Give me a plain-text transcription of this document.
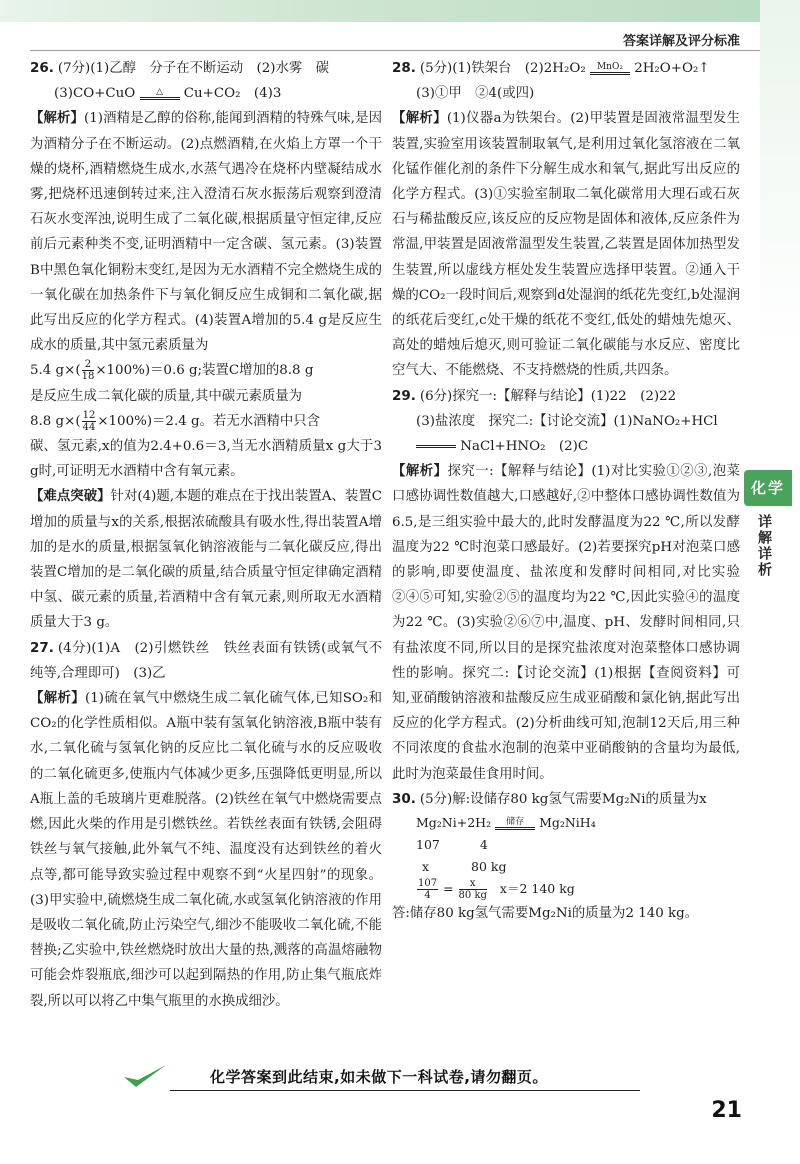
答案详解及评分标准

26. (7分)(1)乙醇　分子在不断运动　(2)水雾　碳

(3)CO+CuO	△	Cu+CO₂　(4)3

【解析】(1)酒精是乙醇的俗称,能闻到酒精的特殊气味,是因为酒精分子在不断运动。(2)点燃酒精,在火焰上方罩一个干燥的烧杯,酒精燃烧生成水,水蒸气遇冷在烧杯内壁凝结成水雾,把烧杯迅速倒转过来,注入澄清石灰水振荡后观察到澄清石灰水变浑浊,说明生成了二氧化碳,根据质量守恒定律,反应前后元素种类不变,证明酒精中一定含碳、氢元素。(3)装置B中黑色氧化铜粉末变红,是因为无水酒精不完全燃烧生成的一氧化碳在加热条件下与氧化铜反应生成铜和二氧化碳,据此写出反应的化学方程式。(4)装置A增加的5.4 g是反应生成水的质量,其中氢元素质量为

5.4 $g\times( \frac{2}{18} \times 100\%)=0.6$ g;装置C增加的8.8 g

是反应生成二氧化碳的质量,其中碳元素质量为

8.8 $g\times( \frac{12}{44} \times 100\%)=2.4$ g。若无水酒精中只含

碳、氢元素,x的值为2.4+0.6＝3,当无水酒精质量x g大于3 g时,可证明无水酒精中含有氧元素。

【难点突破】针对(4)题,本题的难点在于找出装置A、装置C增加的质量与x的关系,根据浓硫酸具有吸水性,得出装置A增加的是水的质量,根据氢氧化钠溶液能与二氧化碳反应,得出装置C增加的是二氧化碳的质量,结合质量守恒定律确定酒精中氢、碳元素的质量,若酒精中含有氧元素,则所取无水酒精质量大于3 g。

27. (4分)(1)A　(2)引燃铁丝　铁丝表面有铁锈(或氧气不纯等,合理即可)　(3)乙

【解析】(1)硫在氧气中燃烧生成二氧化硫气体,已知SO₂和CO₂的化学性质相似。A瓶中装有氢氧化钠溶液,B瓶中装有水,二氧化硫与氢氧化钠的反应比二氧化硫与水的反应吸收的二氧化硫更多,使瓶内气体减少更多,压强降低更明显,所以A瓶上盖的毛玻璃片更难脱落。(2)铁丝在氧气中燃烧需要点燃,因此火柴的作用是引燃铁丝。若铁丝表面有铁锈,会阻碍铁丝与氧气接触,此外氧气不纯、温度没有达到铁丝的着火点等,都可能导致实验过程中观察不到“火星四射”的现象。(3)甲实验中,硫燃烧生成二氧化硫,水或氢氧化钠溶液的作用是吸收二氧化硫,防止污染空气,细沙不能吸收二氧化硫,不能替换;乙实验中,铁丝燃烧时放出大量的热,溅落的高温熔融物可能会炸裂瓶底,细沙可以起到隔热的作用,防止集气瓶底炸裂,所以可以将乙中集气瓶里的水换成细沙。

28. (5分)(1)铁架台　(2)2H₂O₂	MnO₂ 2H₂O+O₂↑

(3)①甲　②4(或四)

【解析】(1)仪器a为铁架台。(2)甲装置是固液常温型发生装置,实验室用该装置制取氧气,是利用过氧化氢溶液在二氧化锰作催化剂的条件下分解生成水和氧气,据此写出反应的化学方程式。(3)①实验室制取二氧化碳常用大理石或石灰石与稀盐酸反应,该反应的反应物是固体和液体,反应条件为常温,甲装置是固液常温型发生装置,乙装置是固体加热型发生装置,所以虚线方框处发生装置应选择甲装置。②通入干燥的CO₂一段时间后,观察到d处湿润的纸花先变红,b处湿润的纸花后变红,c处干燥的纸花不变红,低处的蜡烛先熄灭、高处的蜡烛后熄灭,则可验证二氧化碳能与水反应、密度比空气大、不能燃烧、不支持燃烧的性质,共四条。

29. (6分)探究一:【解释与结论】(1)22　(2)22

(3)盐浓度　探究二:【讨论交流】(1)NaNO₂+HCl

NaCl+HNO₂　(2)C

【解析】探究一:【解释与结论】(1)对比实验①②③,泡菜口感协调性数值越大,口感越好,②中整体口感协调性数值为6.5,是三组实验中最大的,此时发酵温度为22 ℃,所以发酵温度为22 ℃时泡菜口感最好。(2)若要探究pH对泡菜口感的影响,即要使温度、盐浓度和发酵时间相同,对比实验②④⑤可知,实验②⑤的温度均为22 ℃,因此实验④的温度为22 ℃。(3)实验②⑥⑦中,温度、pH、发酵时间相同,只有盐浓度不同,所以目的是探究盐浓度对泡菜整体口感协调性的影响。探究二:【讨论交流】(1)根据【查阅资料】可知,亚硝酸钠溶液和盐酸反应生成亚硝酸和氯化钠,据此写出反应的化学方程式。(2)分析曲线可知,泡制12天后,用三种不同浓度的食盐水泡制的泡菜中亚硝酸钠的含量均为最低,此时为泡菜最佳食用时间。

30. (5分)解:设储存80 kg氢气需要Mg₂Ni的质量为x

Mg₂Ni+2H₂	储存	Mg₂NiH₄
107	4
x	80 kg
$\frac{107}{4} = \frac{x}{80 kg} x=2$ 140 kg

答:储存80 kg氢气需要Mg₂Ni的质量为2 140 kg。

化学
详解详析
化学答案到此结束,如未做下一科试卷,请勿翻页。
21
